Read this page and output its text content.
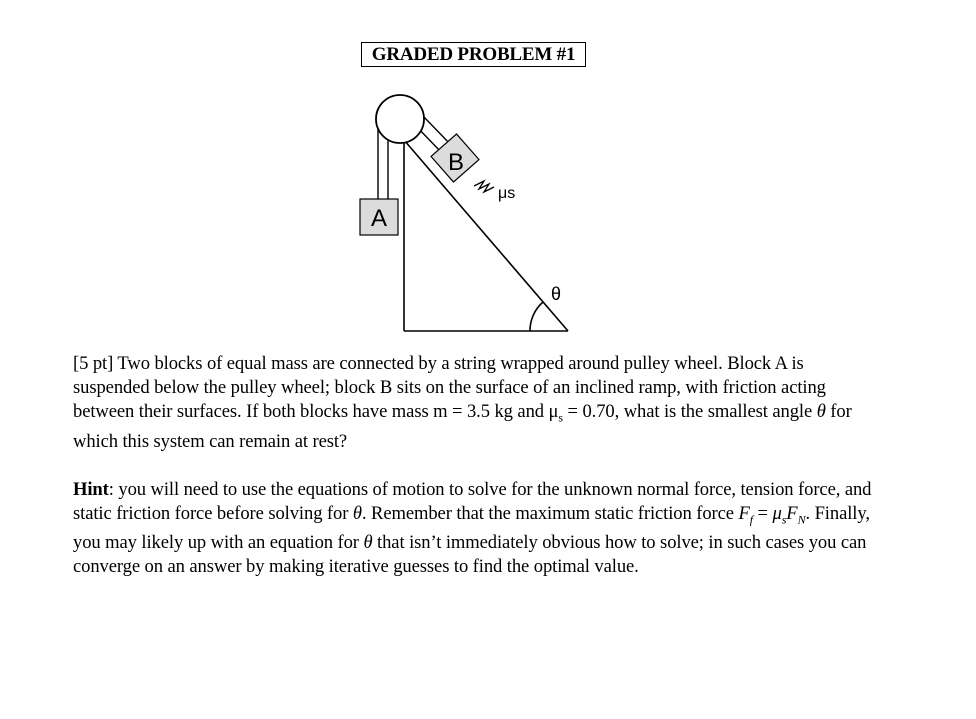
GRADED PROBLEM #1
A
B
μs
θ

[5 pt] Two blocks of equal mass are connected by a string wrapped around pulley wheel. Block A is suspended below the pulley wheel; block B sits on the surface of an inclined ramp, with friction acting between their surfaces. If both blocks have mass m = 3.5 kg and $\mu_s = 0.70$, what is the smallest angle θ for which this system can remain at rest?

Hint: you will need to use the equations of motion to solve for the unknown normal force, tension force, and static friction force before solving for θ. Remember that the maximum static friction force $F_f = \mu_sF_N$. Finally, you may likely up with an equation for θ that isn’t immediately obvious how to solve; in such cases you can converge on an answer by making iterative guesses to find the optimal value.
